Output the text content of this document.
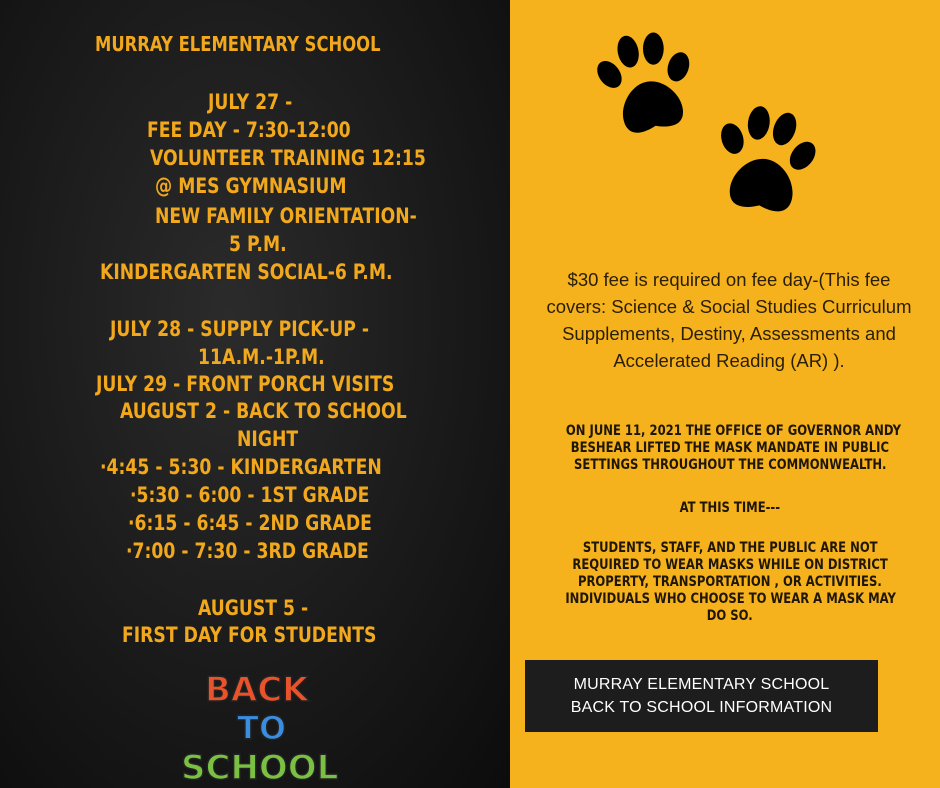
MURRAY ELEMENTARY SCHOOL
JULY 27 -
FEE DAY - 7:30-12:00
VOLUNTEER TRAINING 12:15
@ MES GYMNASIUM
NEW FAMILY ORIENTATION-
5 P.M.
KINDERGARTEN SOCIAL-6 P.M.
JULY 28 - SUPPLY PICK-UP -
11A.M.-1P.M.
JULY 29 - FRONT PORCH VISITS
AUGUST 2 - BACK TO SCHOOL
NIGHT
·4:45 - 5:30 - KINDERGARTEN
·5:30 - 6:00 - 1ST GRADE
·6:15 - 6:45 - 2ND GRADE
·7:00 - 7:30 - 3RD GRADE
AUGUST 5 -
FIRST DAY FOR STUDENTS
BACK
TO
SCHOOL
$30 fee is required on fee day-(This fee
covers: Science & Social Studies Curriculum
Supplements, Destiny, Assessments and
Accelerated Reading (AR) ).
ON JUNE 11, 2021 THE OFFICE OF GOVERNOR ANDY
BESHEAR LIFTED THE MASK MANDATE IN PUBLIC
SETTINGS THROUGHOUT THE COMMONWEALTH.
AT THIS TIME---
STUDENTS, STAFF, AND THE PUBLIC ARE NOT
REQUIRED TO WEAR MASKS WHILE ON DISTRICT
PROPERTY, TRANSPORTATION , OR ACTIVITIES.
INDIVIDUALS WHO CHOOSE TO WEAR A MASK MAY
DO SO.
MURRAY ELEMENTARY SCHOOL
BACK TO SCHOOL INFORMATION
